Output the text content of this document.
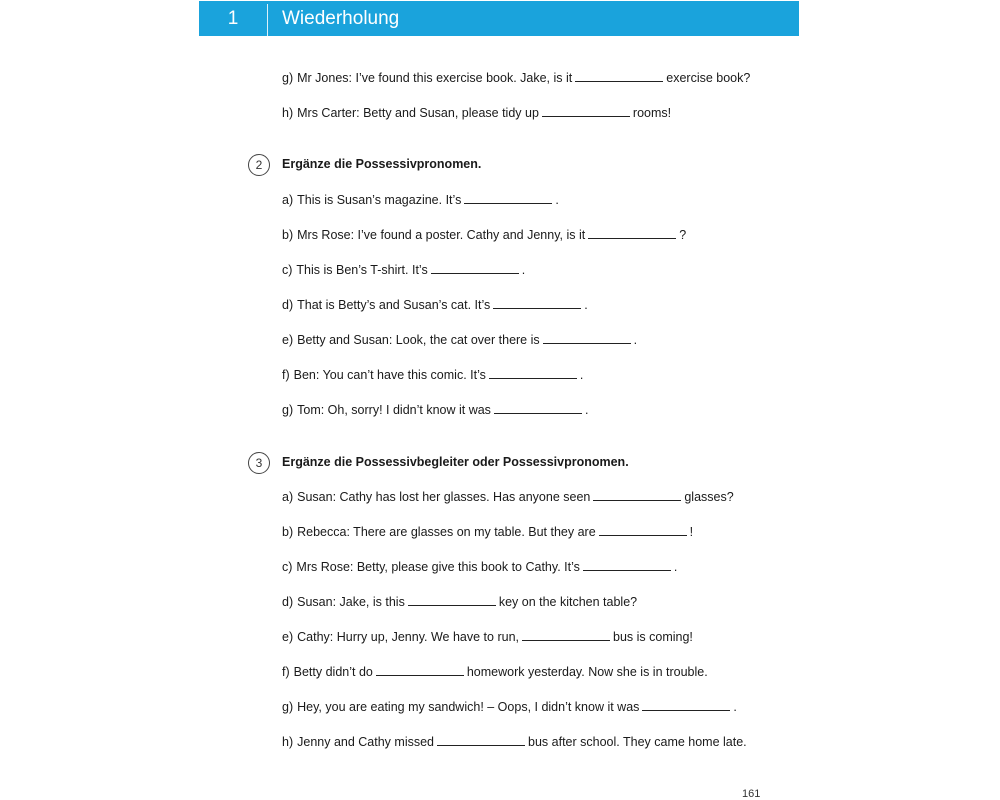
1	Wiederholung
g) Mr Jones: I’ve found this exercise book. Jake, is it	exercise book?
h) Mrs Carter: Betty and Susan, please tidy up	rooms!
2	Ergänze die Possessivpronomen.
a) This is Susan’s magazine. It’s	.
b) Mrs Rose: I’ve found a poster. Cathy and Jenny, is it	?
c) This is Ben’s T-shirt. It’s	.
d) That is Betty’s and Susan’s cat. It’s	.
e) Betty and Susan: Look, the cat over there is	.
f) Ben: You can’t have this comic. It’s	.
g) Tom: Oh, sorry! I didn’t know it was	.
3	Ergänze die Possessivbegleiter oder Possessivpronomen.
a) Susan: Cathy has lost her glasses. Has anyone seen	glasses?
b) Rebecca: There are glasses on my table. But they are	!
c) Mrs Rose: Betty, please give this book to Cathy. It’s	.
d) Susan: Jake, is this	key on the kitchen table?
e) Cathy: Hurry up, Jenny. We have to run,	bus is coming!
f) Betty didn’t do	homework yesterday. Now she is in trouble.
g) Hey, you are eating my sandwich! – Oops, I didn’t know it was	.
h) Jenny and Cathy missed	bus after school. They came home late.
161
